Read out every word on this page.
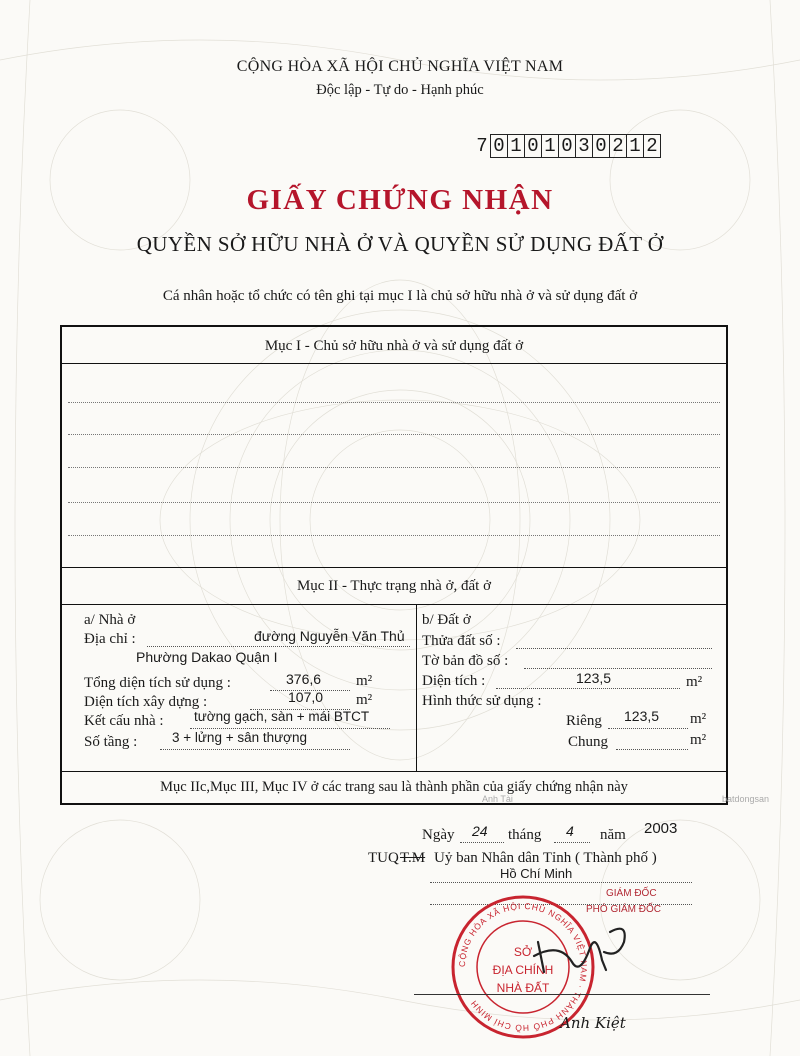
CỘNG HÒA XÃ HỘI CHỦ NGHĨA VIỆT NAM
Độc lập - Tự do - Hạnh phúc
7 0 1 0 1 0 3 0 2 1 2
GIẤY CHỨNG NHẬN
QUYỀN SỞ HỮU NHÀ Ở VÀ QUYỀN SỬ DỤNG ĐẤT Ở
Cá nhân hoặc tổ chức có tên ghi tại mục I là chủ sở hữu nhà ở và sử dụng đất ở
Mục I - Chủ sở hữu nhà ở và sử dụng đất ở
Mục II - Thực trạng nhà ở, đất ở
a/ Nhà ở
Địa chỉ :	đường Nguyễn Văn Thủ
Phường Dakao Quận I
Tổng diện tích sử dụng :	376,6 m²
Diện tích xây dựng :	107,0 m²
Kết cấu nhà : tường gạch, sàn + mái BTCT
Số tầng :	3 + lửng + sân thượng
b/ Đất ở
Thửa đất số :
Tờ bản đồ số :
Diện tích :	123,5	m²
Hình thức sử dụng :
Riêng 123,5 m²
Chung	m²
Mục IIc,Mục III, Mục IV ở các trang sau là thành phần của giấy chứng nhận này
Anh Tài	batdongsan
Ngày 24 tháng 4 năm 2003
TUQ T.M Uỷ ban Nhân dân Tỉnh ( Thành phố )
Hồ Chí Minh
GIÁM ĐỐC
PHÓ GIÁM ĐỐC
CỘNG HÒA XÃ HỘI CHỦ NGHĨA VIỆT NAM · THÀNH PHỐ HỒ CHÍ MINH
SỞ
ĐỊA CHÍNH
NHÀ ĐẤT
Anh Kiệt
